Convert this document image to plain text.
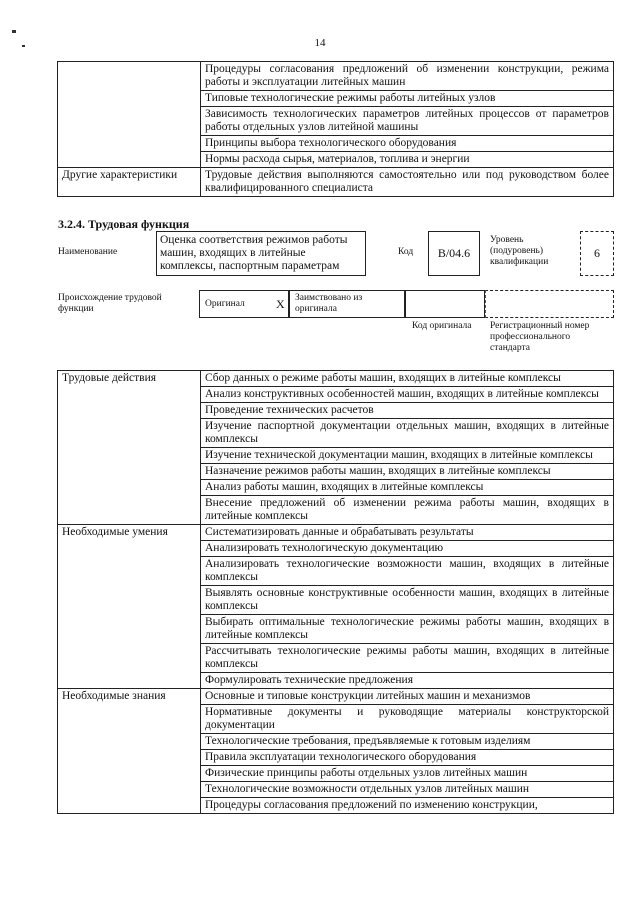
14
	Процедуры согласования предложений об изменении конструкции, режима работы и эксплуатации литейных машин
	Типовые технологические режимы работы литейных узлов
	Зависимость технологических параметров литейных процессов от параметров работы отдельных узлов литейной машины
	Принципы выбора технологического оборудования
	Нормы расхода сырья, материалов, топлива и энергии
Другие характеристики	Трудовые действия выполняются самостоятельно или под руководством более квалифицированного специалиста
3.2.4. Трудовая функция
Наименование
Оценка соответствия режимов работы машин, входящих в литейные комплексы, паспортным параметрам
Код	B/04.6
Уровень (подуровень) квалификации
6
Происхождение трудовой функции	Оригинал	X Заимствовано из оригинала
Код оригинала Регистрационный номер профессионального стандарта
Трудовые действия	Сбор данных о режиме работы машин, входящих в литейные комплексы
	Анализ конструктивных особенностей машин, входящих в литейные комплексы
	Проведение технических расчетов
	Изучение паспортной документации отдельных машин, входящих в литейные комплексы
	Изучение технической документации машин, входящих в литейные комплексы
	Назначение режимов работы машин, входящих в литейные комплексы
	Анализ работы машин, входящих в литейные комплексы
	Внесение предложений об изменении режима работы машин, входящих в литейные комплексы
Необходимые умения	Систематизировать данные и обрабатывать результаты
	Анализировать технологическую документацию
	Анализировать технологические возможности машин, входящих в литейные комплексы
	Выявлять основные конструктивные особенности машин, входящих в литейные комплексы
	Выбирать оптимальные технологические режимы работы машин, входящих в литейные комплексы
	Рассчитывать технологические режимы работы машин, входящих в литейные комплексы
	Формулировать технические предложения
Необходимые знания	Основные и типовые конструкции литейных машин и механизмов
	Нормативные документы и руководящие материалы конструкторской документации
	Технологические требования, предъявляемые к готовым изделиям
	Правила эксплуатации технологического оборудования
	Физические принципы работы отдельных узлов литейных машин
	Технологические возможности отдельных узлов литейных машин
	Процедуры согласования предложений по изменению конструкции,
